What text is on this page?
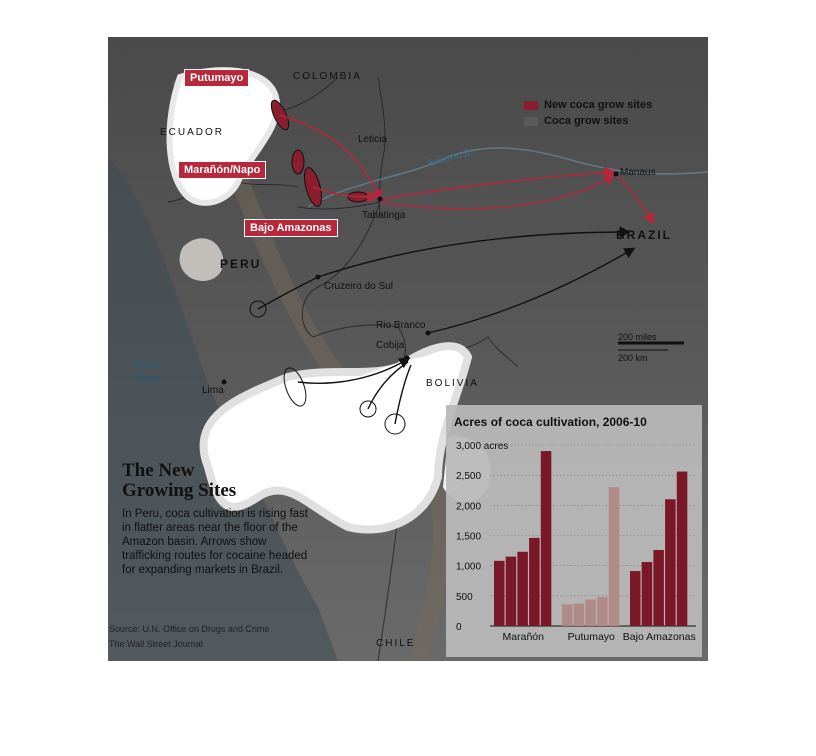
COLOMBIA
ECUADOR
PERU
BRAZIL
BOLIVIA
CHILE
Pacific
Ocean
Amazon R.
Leticia
Tabatinga
Manaus
Cruzeiro do Sul
Rio Branco
Cobija
Lima
Putumayo
Marañón/Napo
Bajo Amazonas
New coca grow sites
Coca grow sites
200 miles
200 km
The New
Growing Sites
In Peru, coca cultivation is rising fast in flatter areas near the floor of the Amazon basin. Arrows show trafficking routes for cocaine headed for expanding markets in Brazil.
Source: U.N. Office on Drugs and Crime
The Wall Street Journal
Acres of coca cultivation, 2006-10
0
500
1,000
1,500
2,000
2,500
3,000 acres
Marañón Putumayo Bajo Amazonas
